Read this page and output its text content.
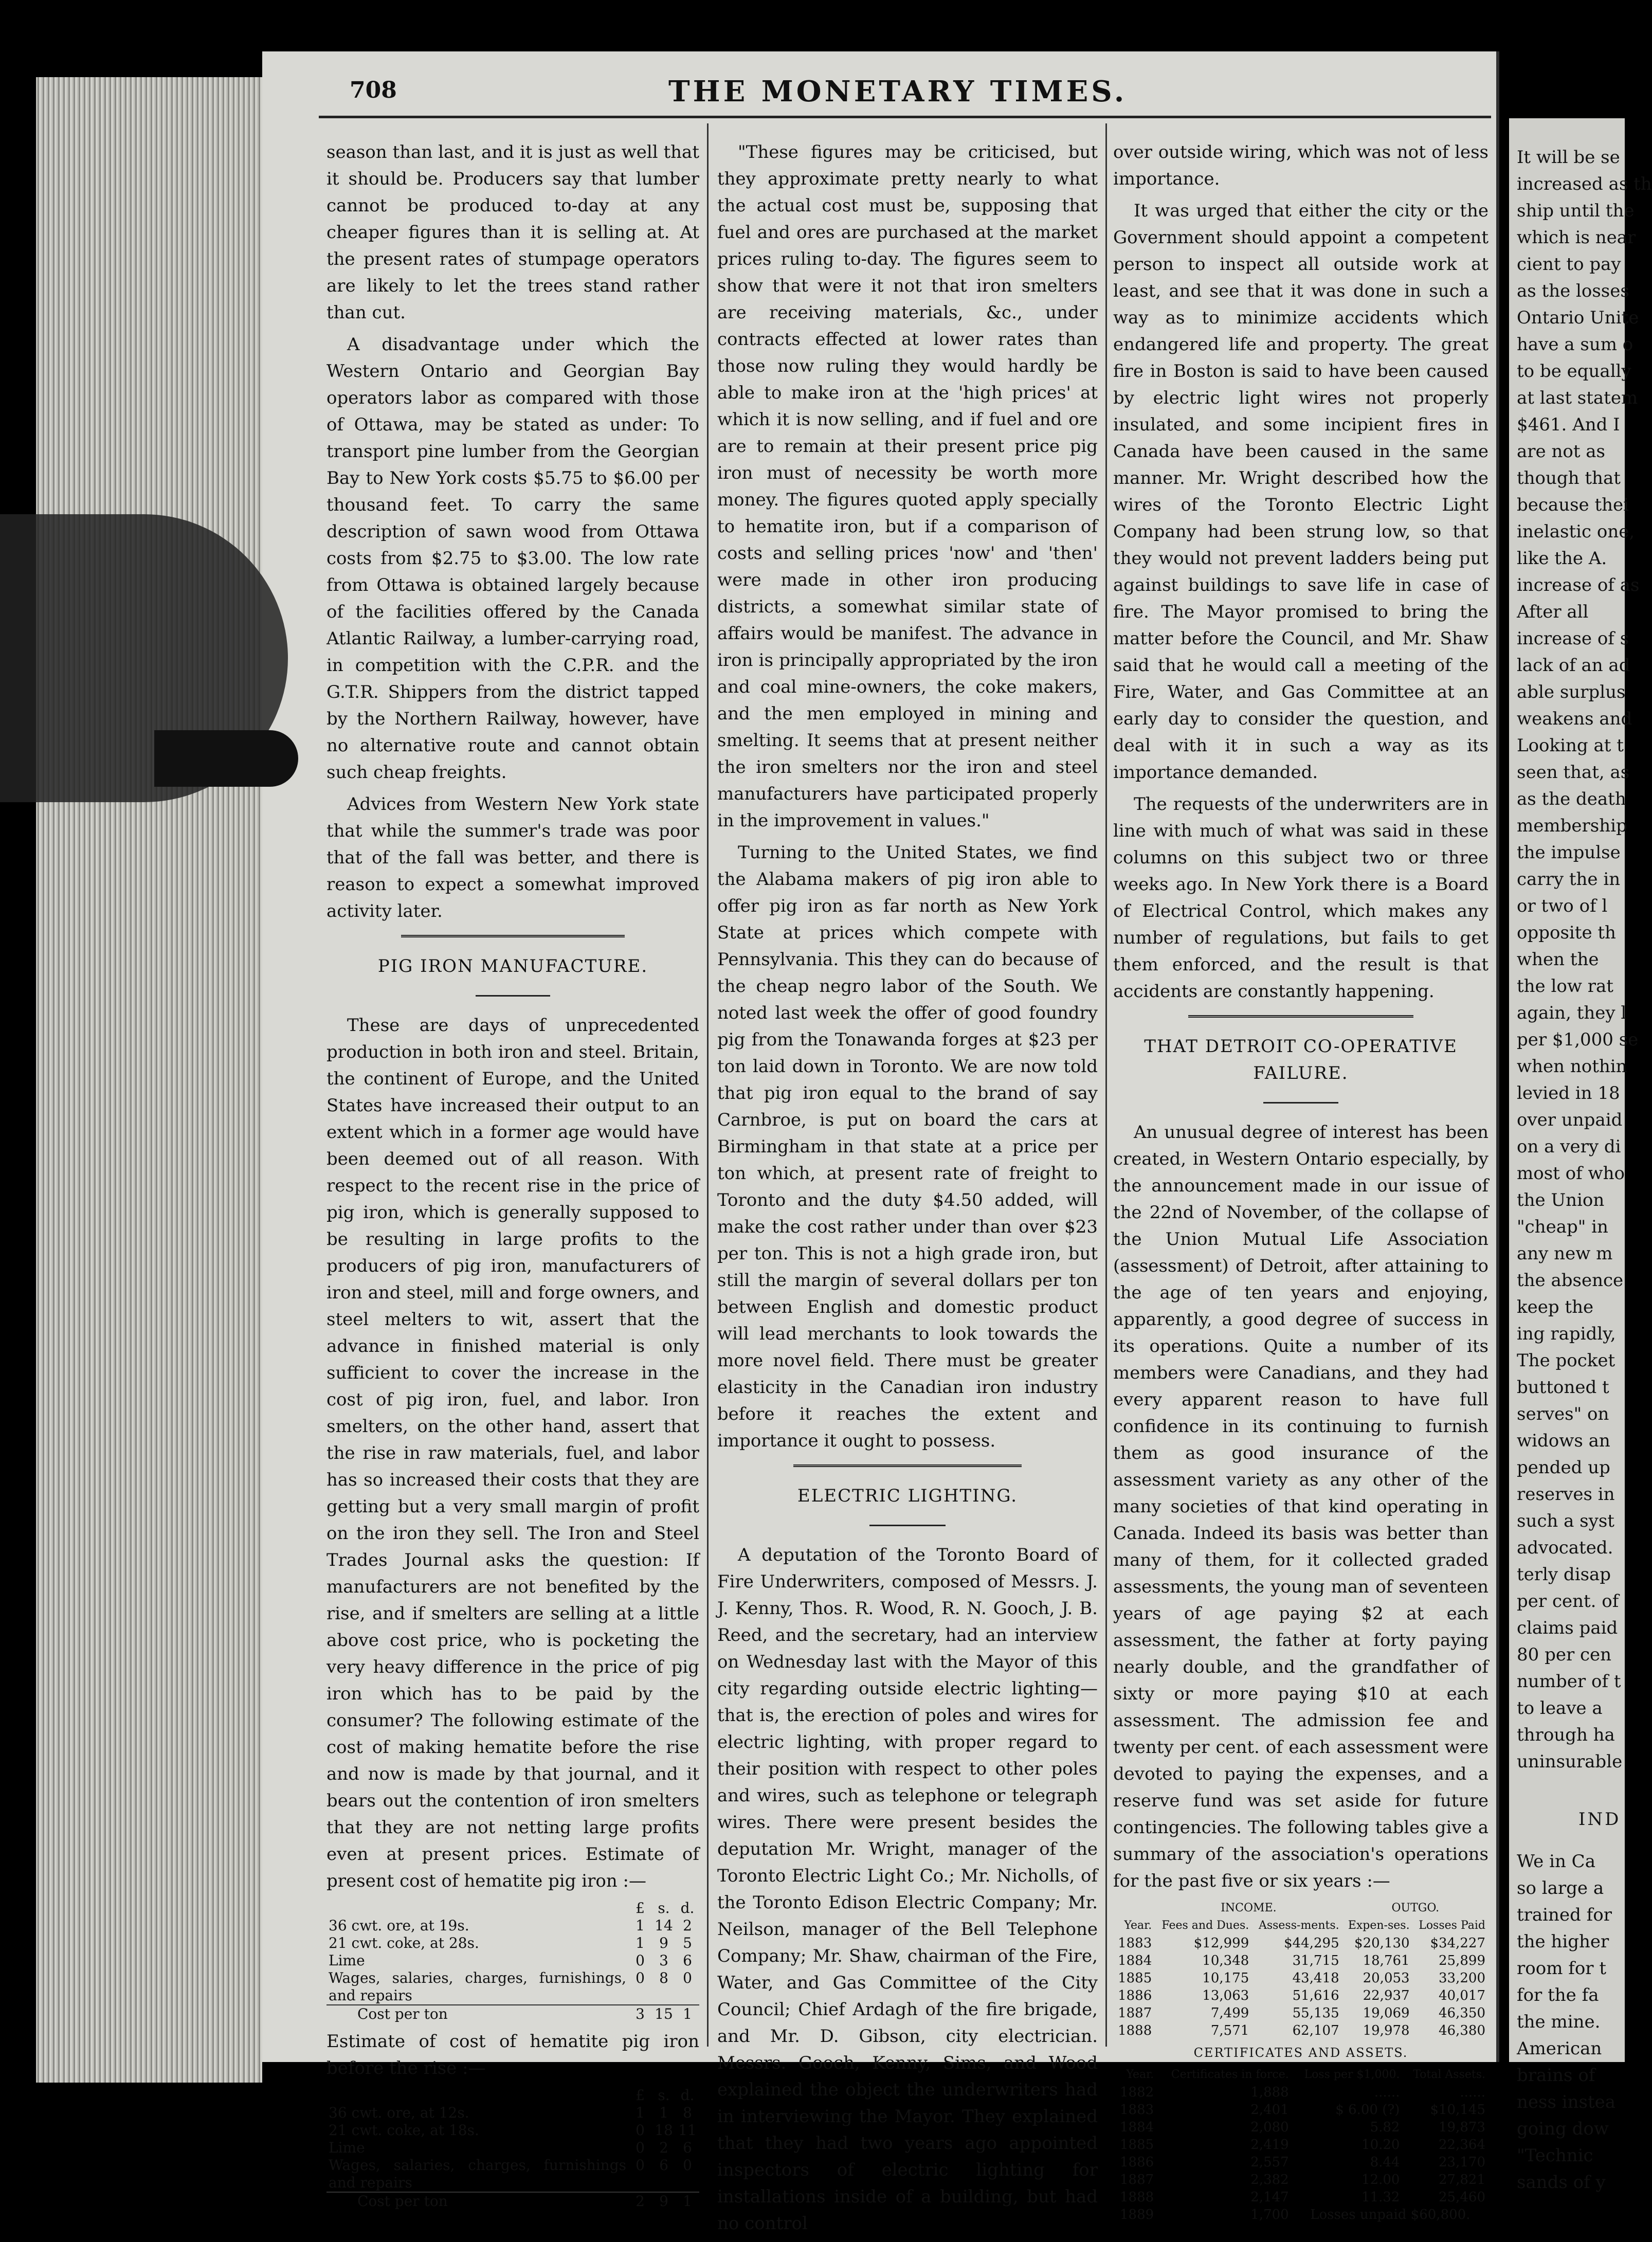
708	THE MONETARY TIMES.

season than last, and it is just as well that it should be. Producers say that lumber cannot be produced to-day at any cheaper figures than it is selling at. At the present rates of stumpage operators are likely to let the trees stand rather than cut.

A disadvantage under which the Western Ontario and Georgian Bay operators labor as compared with those of Ottawa, may be stated as under: To transport pine lumber from the Georgian Bay to New York costs $5.75 to $6.00 per thousand feet. To carry the same description of sawn wood from Ottawa costs from $2.75 to $3.00. The low rate from Ottawa is obtained largely because of the facilities offered by the Canada Atlantic Railway, a lumber-carrying road, in competition with the C.P.R. and the G.T.R. Shippers from the district tapped by the Northern Railway, however, have no alternative route and cannot obtain such cheap freights.

Advices from Western New York state that while the summer's trade was poor that of the fall was better, and there is reason to expect a somewhat improved activity later.

PIG IRON MANUFACTURE.

These are days of unprecedented production in both iron and steel. Britain, the continent of Europe, and the United States have increased their output to an extent which in a former age would have been deemed out of all reason. With respect to the recent rise in the price of pig iron, which is generally supposed to be resulting in large profits to the producers of pig iron, manufacturers of iron and steel, mill and forge owners, and steel melters to wit, assert that the advance in finished material is only sufficient to cover the increase in the cost of pig iron, fuel, and labor. Iron smelters, on the other hand, assert that the rise in raw materials, fuel, and labor has so increased their costs that they are getting but a very small margin of profit on the iron they sell. The Iron and Steel Trades Journal asks the question: If manufacturers are not benefited by the rise, and if smelters are selling at a little above cost price, who is pocketing the very heavy difference in the price of pig iron which has to be paid by the consumer? The following estimate of the cost of making hematite before the rise and now is made by that journal, and it bears out the contention of iron smelters that they are not netting large profits even at present prices. Estimate of present cost of hematite pig iron :—

	£	s.	d.
36 cwt. ore, at 19s.	1	14	2
21 cwt. coke, at 28s.	1	9	5
Lime	0	3	6
Wages, salaries, charges, furnishings, and repairs	0	8	0
Cost per ton	3	15	1

Estimate of cost of hematite pig iron before the rise :—

	£	s.	d.
36 cwt. ore, at 12s.	1	1	8
21 cwt. coke, at 18s.	0	18	11
Lime	0	2	6
Wages, salaries, charges, furnishings and repairs	0	6	0
Cost per ton	2	9	1

"These figures may be criticised, but they approximate pretty nearly to what the actual cost must be, supposing that fuel and ores are purchased at the market prices ruling to-day. The figures seem to show that were it not that iron smelters are receiving materials, &c., under contracts effected at lower rates than those now ruling they would hardly be able to make iron at the 'high prices' at which it is now selling, and if fuel and ore are to remain at their present price pig iron must of necessity be worth more money. The figures quoted apply specially to hematite iron, but if a comparison of costs and selling prices 'now' and 'then' were made in other iron producing districts, a somewhat similar state of affairs would be manifest. The advance in iron is principally appropriated by the iron and coal mine-owners, the coke makers, and the men employed in mining and smelting. It seems that at present neither the iron smelters nor the iron and steel manufacturers have participated properly in the improvement in values."

Turning to the United States, we find the Alabama makers of pig iron able to offer pig iron as far north as New York State at prices which compete with Pennsylvania. This they can do because of the cheap negro labor of the South. We noted last week the offer of good foundry pig from the Tonawanda forges at $23 per ton laid down in Toronto. We are now told that pig iron equal to the brand of say Carnbroe, is put on board the cars at Birmingham in that state at a price per ton which, at present rate of freight to Toronto and the duty $4.50 added, will make the cost rather under than over $23 per ton. This is not a high grade iron, but still the margin of several dollars per ton between English and domestic product will lead merchants to look towards the more novel field. There must be greater elasticity in the Canadian iron industry before it reaches the extent and importance it ought to possess.

ELECTRIC LIGHTING.

A deputation of the Toronto Board of Fire Underwriters, composed of Messrs. J. J. Kenny, Thos. R. Wood, R. N. Gooch, J. B. Reed, and the secretary, had an interview on Wednesday last with the Mayor of this city regarding outside electric lighting—that is, the erection of poles and wires for electric lighting, with proper regard to their position with respect to other poles and wires, such as telephone or telegraph wires. There were present besides the deputation Mr. Wright, manager of the Toronto Electric Light Co.; Mr. Nicholls, of the Toronto Edison Electric Company; Mr. Neilson, manager of the Bell Telephone Company; Mr. Shaw, chairman of the Fire, Water, and Gas Committee of the City Council; Chief Ardagh of the fire brigade, and Mr. D. Gibson, city electrician. Messrs. Gooch, Kenny, Sims, and Wood explained the object the underwriters had in interviewing the Mayor. They explained that they had two years ago appointed inspectors of electric lighting for installations inside of a building, but had no control

over outside wiring, which was not of less importance.

It was urged that either the city or the Government should appoint a competent person to inspect all outside work at least, and see that it was done in such a way as to minimize accidents which endangered life and property. The great fire in Boston is said to have been caused by electric light wires not properly insulated, and some incipient fires in Canada have been caused in the same manner. Mr. Wright described how the wires of the Toronto Electric Light Company had been strung low, so that they would not prevent ladders being put against buildings to save life in case of fire. The Mayor promised to bring the matter before the Council, and Mr. Shaw said that he would call a meeting of the Fire, Water, and Gas Committee at an early day to consider the question, and deal with it in such a way as its importance demanded.

The requests of the underwriters are in line with much of what was said in these columns on this subject two or three weeks ago. In New York there is a Board of Electrical Control, which makes any number of regulations, but fails to get them enforced, and the result is that accidents are constantly happening.

THAT DETROIT CO-OPERATIVE FAILURE.

An unusual degree of interest has been created, in Western Ontario especially, by the announcement made in our issue of the 22nd of November, of the collapse of the Union Mutual Life Association (assessment) of Detroit, after attaining to the age of ten years and enjoying, apparently, a good degree of success in its operations. Quite a number of its members were Canadians, and they had every apparent reason to have full confidence in its continuing to furnish them as good insurance of the assessment variety as any other of the many societies of that kind operating in Canada. Indeed its basis was better than many of them, for it collected graded assessments, the young man of seventeen years of age paying $2 at each assessment, the father at forty paying nearly double, and the grandfather of sixty or more paying $10 at each assessment. The admission fee and twenty per cent. of each assessment were devoted to paying the expenses, and a reserve fund was set aside for future contingencies. The following tables give a summary of the association's operations for the past five or six years :—

	INCOME.		OUTGO.	
Year.	Fees and Dues.	Assess-ments.	Expen-ses.	Losses Paid
1883	$12,999	$44,295	$20,130	$34,227
1884	10,348	31,715	18,761	25,899
1885	10,175	43,418	20,053	33,200
1886	13,063	51,616	22,937	40,017
1887	7,499	55,135	19,069	46,350
1888	7,571	62,107	19,978	46,380
CERTIFICATES AND ASSETS.
Year.	Certificates in force.	Loss per $1,000.	Total Assets.
1882	1,888	......	......
1883	2,401	$ 6.00 (?)	$10,145
1884	2,080	5.82	19,873
1885	2,419	10.20	22,364
1886	2,557	8.44	23,170
1887	2,382	12.00	27,821
1888	2,147	11.32	25,460
1889	1,700	Losses unpaid $60,800.	
It will be se
increased as th
ship until the
which is near
cient to pay
as the losses
Ontario Unite
have a sum o
to be equally
at last statem
$461. And I
are not as
though that
because thei
inelastic one,
like the A.
increase of as
After all
increase of s
lack of an ad
able surplus
weakens and
Looking at t
seen that, as
as the death
membership
the impulse
carry the in
or two of l
opposite th
when the
the low rat
again, they l
per $1,000 se
when nothin
levied in 18
over unpaid
on a very di
most of who
the Union
"cheap" in
any new m
the absence
keep the
ing rapidly,
The pocket
buttoned t
serves" on
widows an
pended up
reserves in
such a syst
advocated.
terly disap
per cent. of
claims paid
80 per cen
number of t
to leave a
through ha
uninsurable
IND
We in Ca
so large a
trained for
the higher
room for t
for the fa
the mine.
American
brains of
ness instea
going dow
"Technic
sands of y
